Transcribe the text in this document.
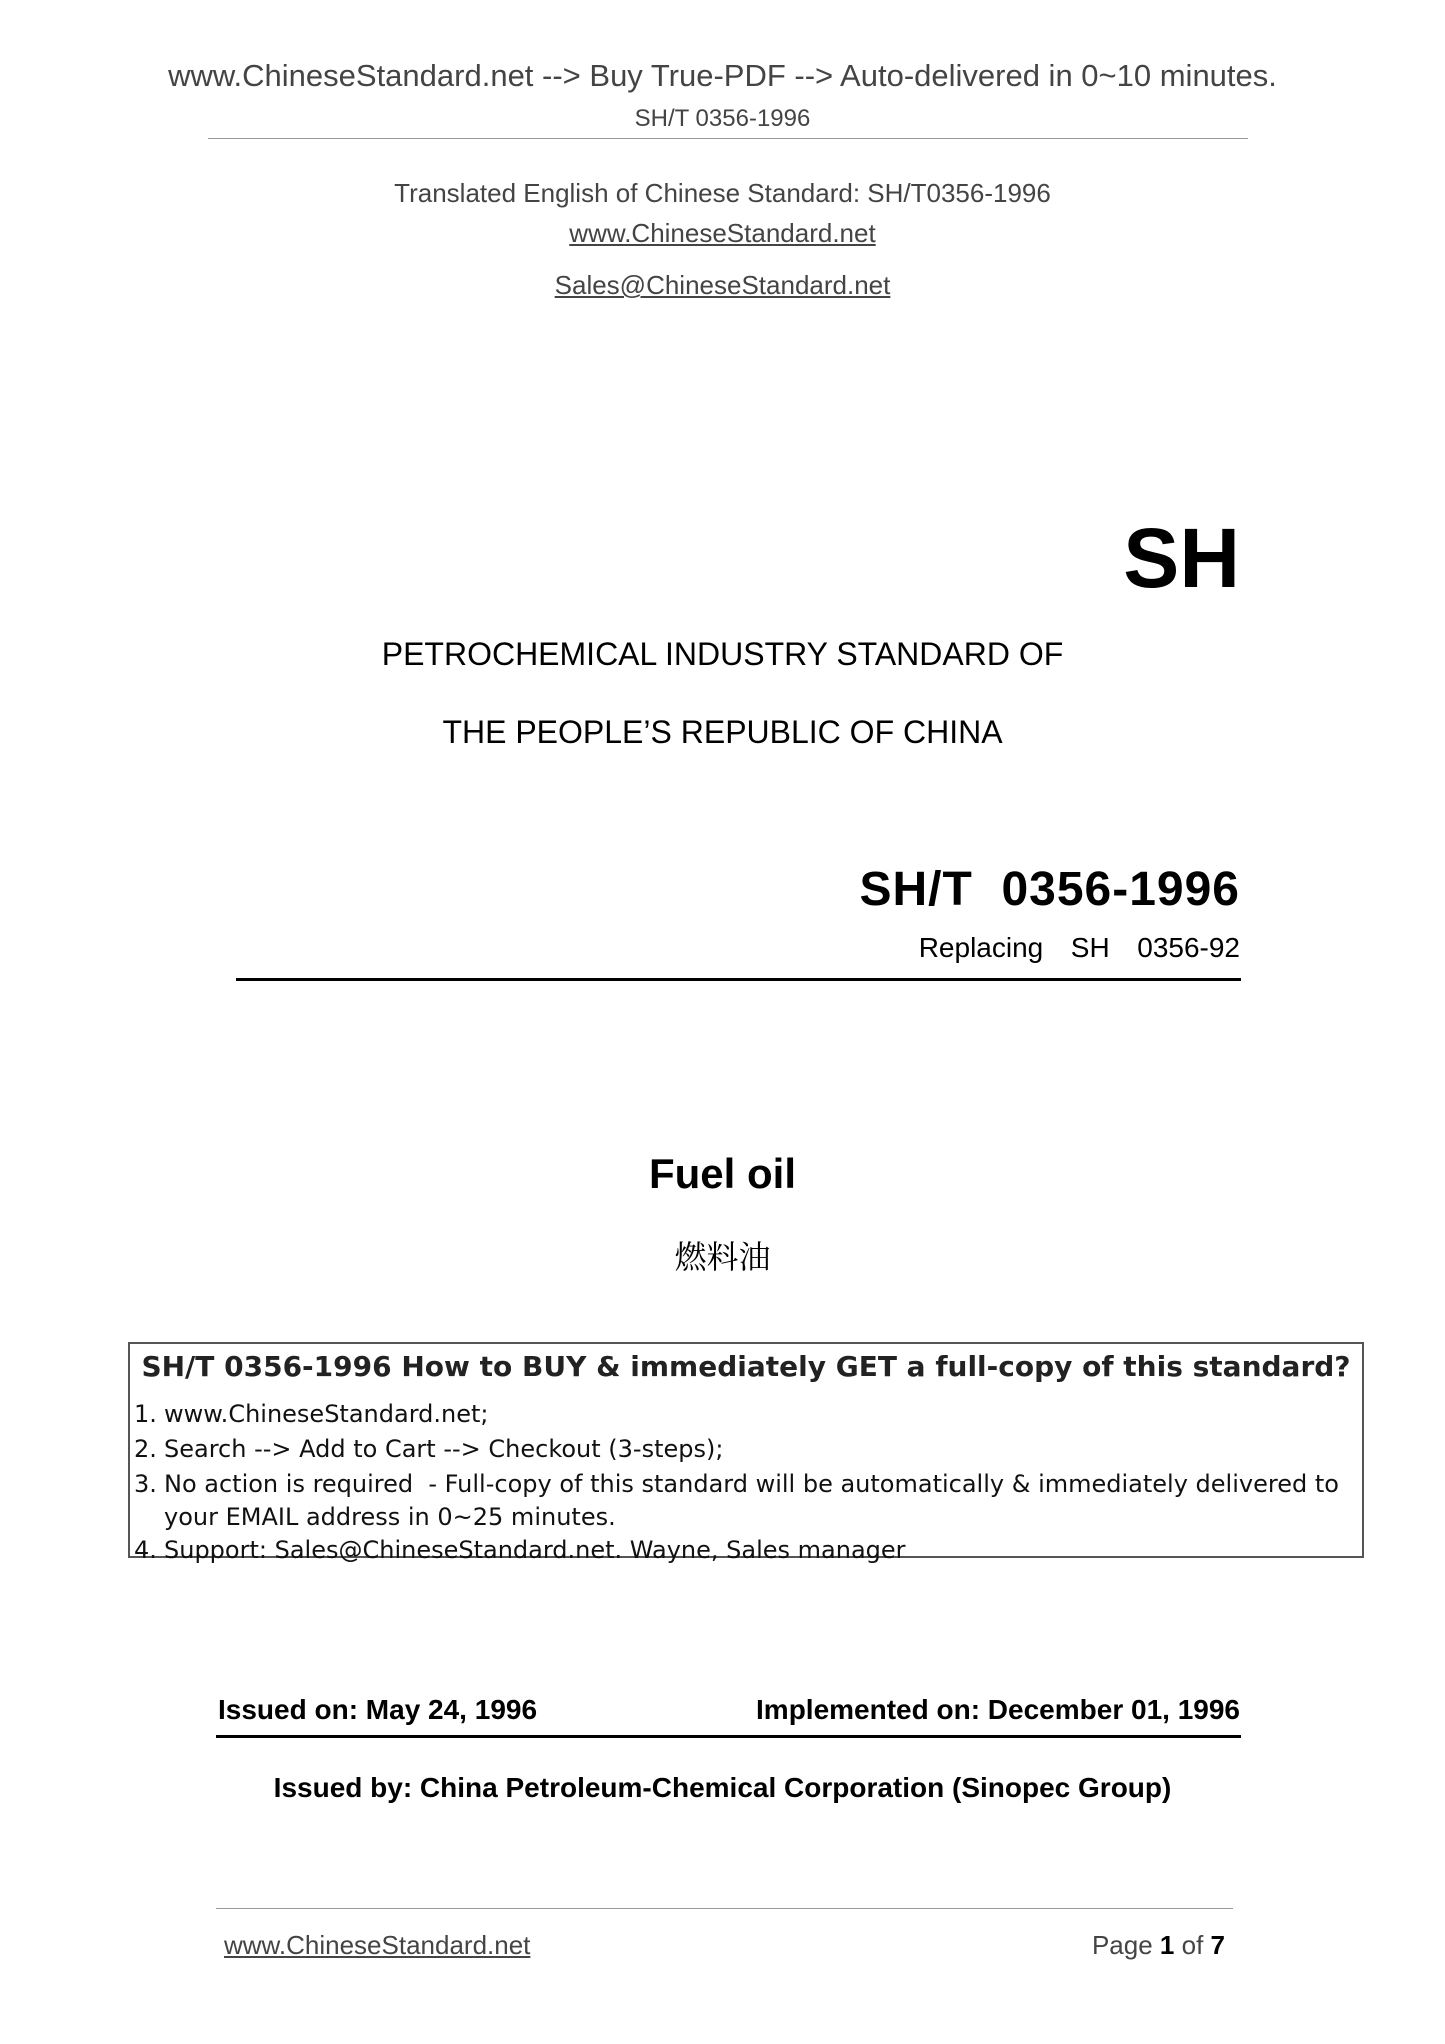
www.ChineseStandard.net --> Buy True-PDF --> Auto-delivered in 0~10 minutes.
SH/T 0356-1996
Translated English of Chinese Standard: SH/T0356-1996
www.ChineseStandard.net
Sales@ChineseStandard.net
SH
PETROCHEMICAL INDUSTRY STANDARD OF
THE PEOPLE’S REPUBLIC OF CHINA
SH/T  0356-1996
Replacing  SH  0356-92
Fuel oil
燃料油
SH/T 0356-1996 How to BUY & immediately GET a full-copy of this standard?
1. www.ChineseStandard.net;
2. Search --> Add to Cart --> Checkout (3-steps);
3. No action is required  - Full-copy of this standard will be automatically & immediately delivered to
your EMAIL address in 0~25 minutes.
4. Support: Sales@ChineseStandard.net. Wayne, Sales manager
Issued on: May 24, 1996	Implemented on: December 01, 1996
Issued by: China Petroleum-Chemical Corporation (Sinopec Group)
www.ChineseStandard.net	Page 1 of 7
